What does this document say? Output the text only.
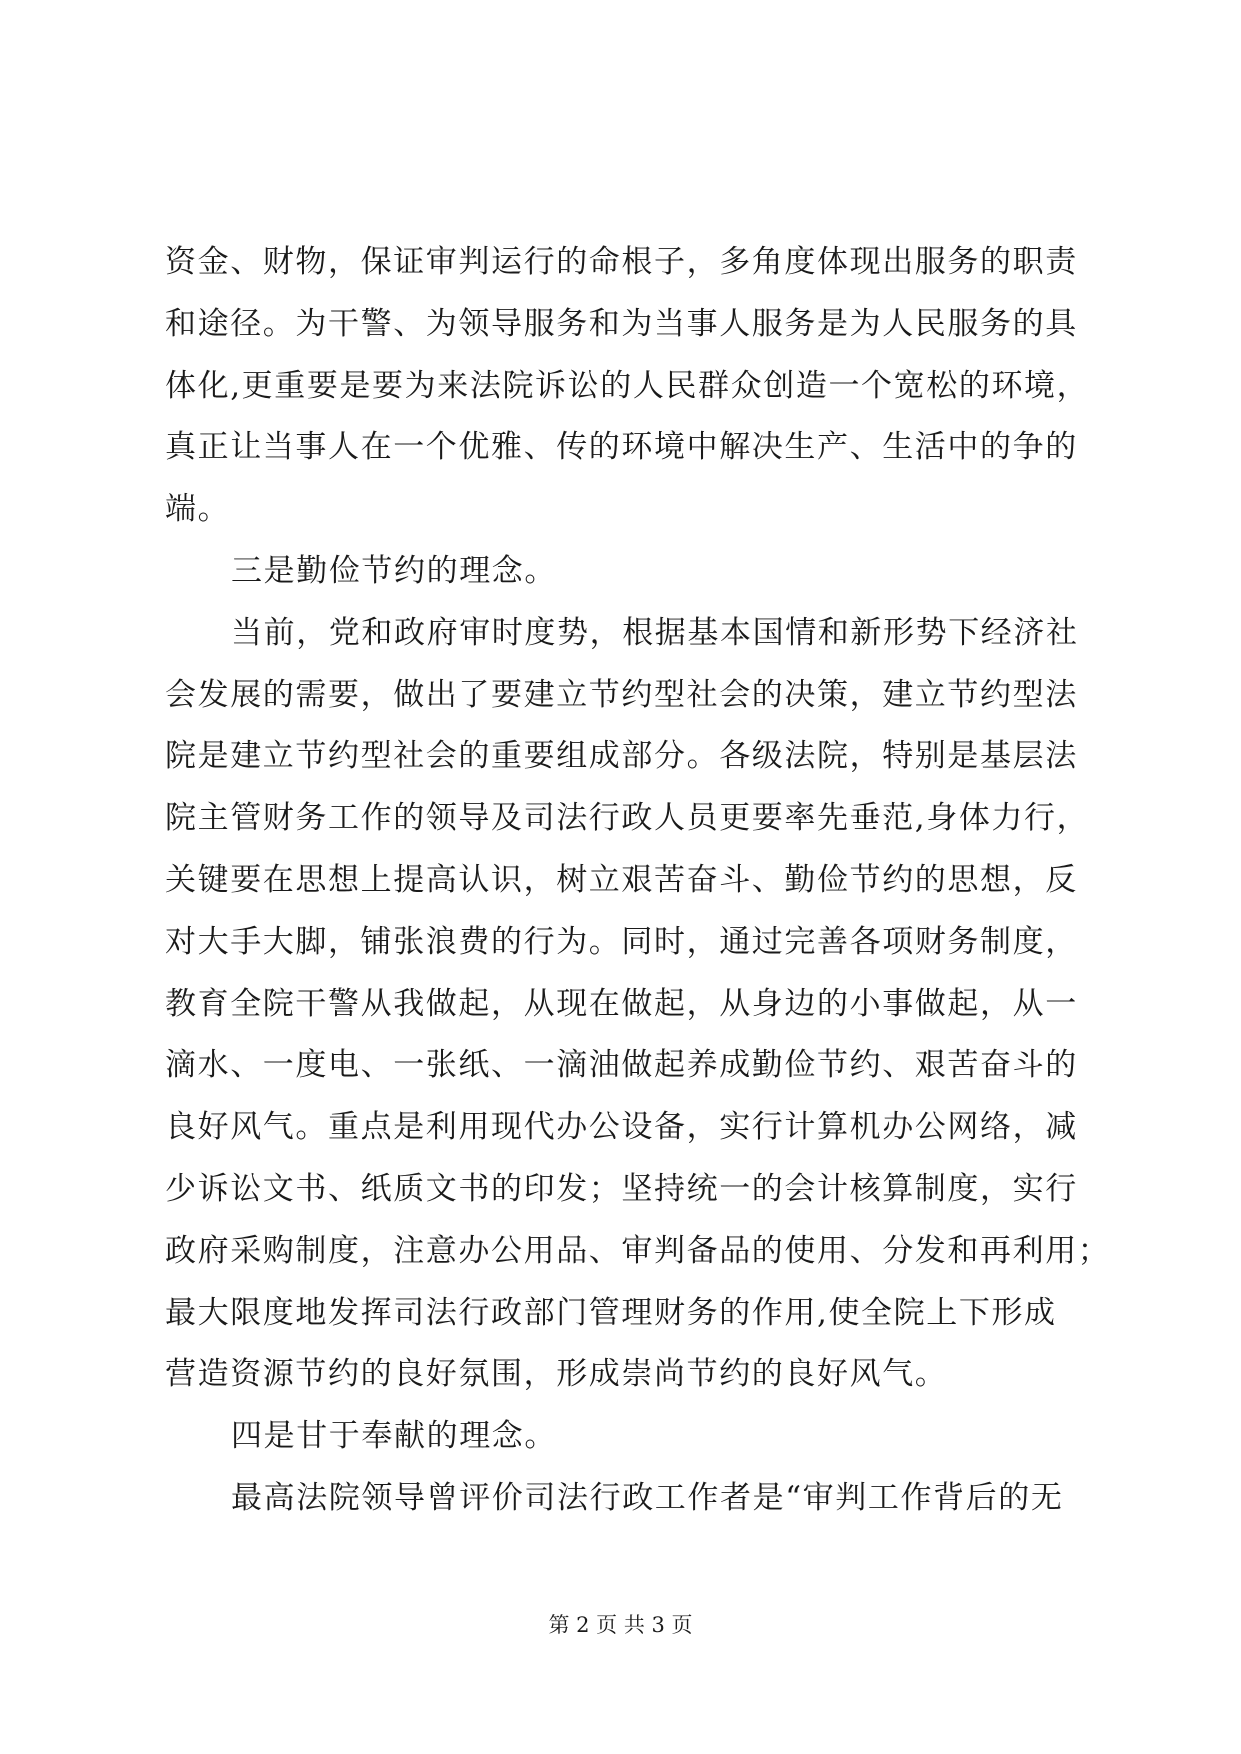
资金、财物，保证审判运行的命根子，多角度体现出服务的职责
和途径。为干警、为领导服务和为当事人服务是为人民服务的具
体化,更重要是要为来法院诉讼的人民群众创造一个宽松的环境，
真正让当事人在一个优雅、传的环境中解决生产、生活中的争的
端。
三是勤俭节约的理念。
当前，党和政府审时度势，根据基本国情和新形势下经济社
会发展的需要，做出了要建立节约型社会的决策，建立节约型法
院是建立节约型社会的重要组成部分。各级法院，特别是基层法
院主管财务工作的领导及司法行政人员更要率先垂范,身体力行，
关键要在思想上提高认识，树立艰苦奋斗、勤俭节约的思想，反
对大手大脚，铺张浪费的行为。同时，通过完善各项财务制度，
教育全院干警从我做起，从现在做起，从身边的小事做起，从一
滴水、一度电、一张纸、一滴油做起养成勤俭节约、艰苦奋斗的
良好风气。重点是利用现代办公设备，实行计算机办公网络，减
少诉讼文书、纸质文书的印发；坚持统一的会计核算制度，实行
政府采购制度，注意办公用品、审判备品的使用、分发和再利用；
最大限度地发挥司法行政部门管理财务的作用,使全院上下形成
营造资源节约的良好氛围，形成崇尚节约的良好风气。
四是甘于奉献的理念。
最高法院领导曾评价司法行政工作者是“审判工作背后的无
第 2 页 共 3 页
